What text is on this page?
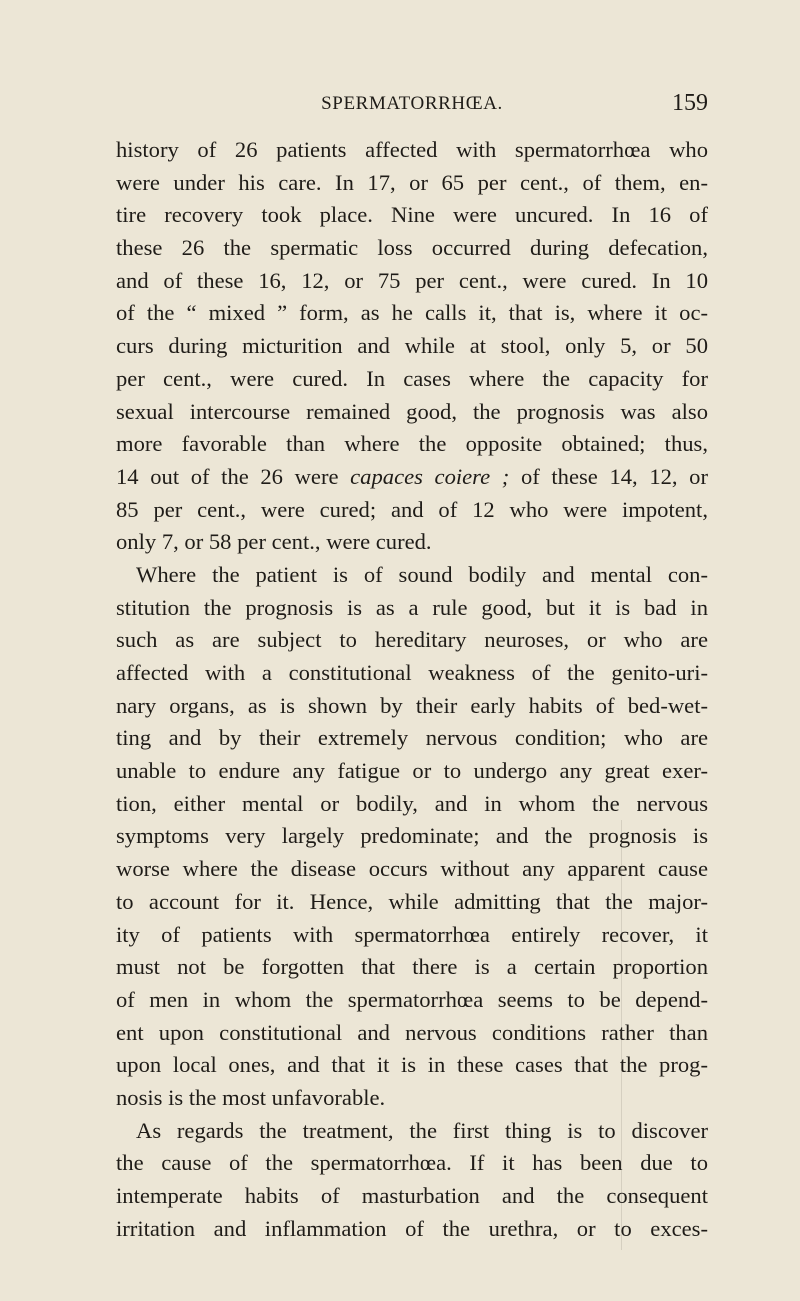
SPERMATORRHŒA.	159
history of 26 patients affected with spermatorrhœa who
were under his care. In 17, or 65 per cent., of them, en-
tire recovery took place. Nine were uncured. In 16 of
these 26 the spermatic loss occurred during defecation,
and of these 16, 12, or 75 per cent., were cured. In 10
of the “ mixed ” form, as he calls it, that is, where it oc-
curs during micturition and while at stool, only 5, or 50
per cent., were cured. In cases where the capacity for
sexual intercourse remained good, the prognosis was also
more favorable than where the opposite obtained; thus,
14 out of the 26 were capaces coiere ; of these 14, 12, or
85 per cent., were cured; and of 12 who were impotent,
only 7, or 58 per cent., were cured.
Where the patient is of sound bodily and mental con-
stitution the prognosis is as a rule good, but it is bad in
such as are subject to hereditary neuroses, or who are
affected with a constitutional weakness of the genito-uri-
nary organs, as is shown by their early habits of bed-wet-
ting and by their extremely nervous condition; who are
unable to endure any fatigue or to undergo any great exer-
tion, either mental or bodily, and in whom the nervous
symptoms very largely predominate; and the prognosis is
worse where the disease occurs without any apparent cause
to account for it. Hence, while admitting that the major-
ity of patients with spermatorrhœa entirely recover, it
must not be forgotten that there is a certain proportion
of men in whom the spermatorrhœa seems to be depend-
ent upon constitutional and nervous conditions rather than
upon local ones, and that it is in these cases that the prog-
nosis is the most unfavorable.
As regards the treatment, the first thing is to discover
the cause of the spermatorrhœa. If it has been due to
intemperate habits of masturbation and the consequent
irritation and inflammation of the urethra, or to exces-
